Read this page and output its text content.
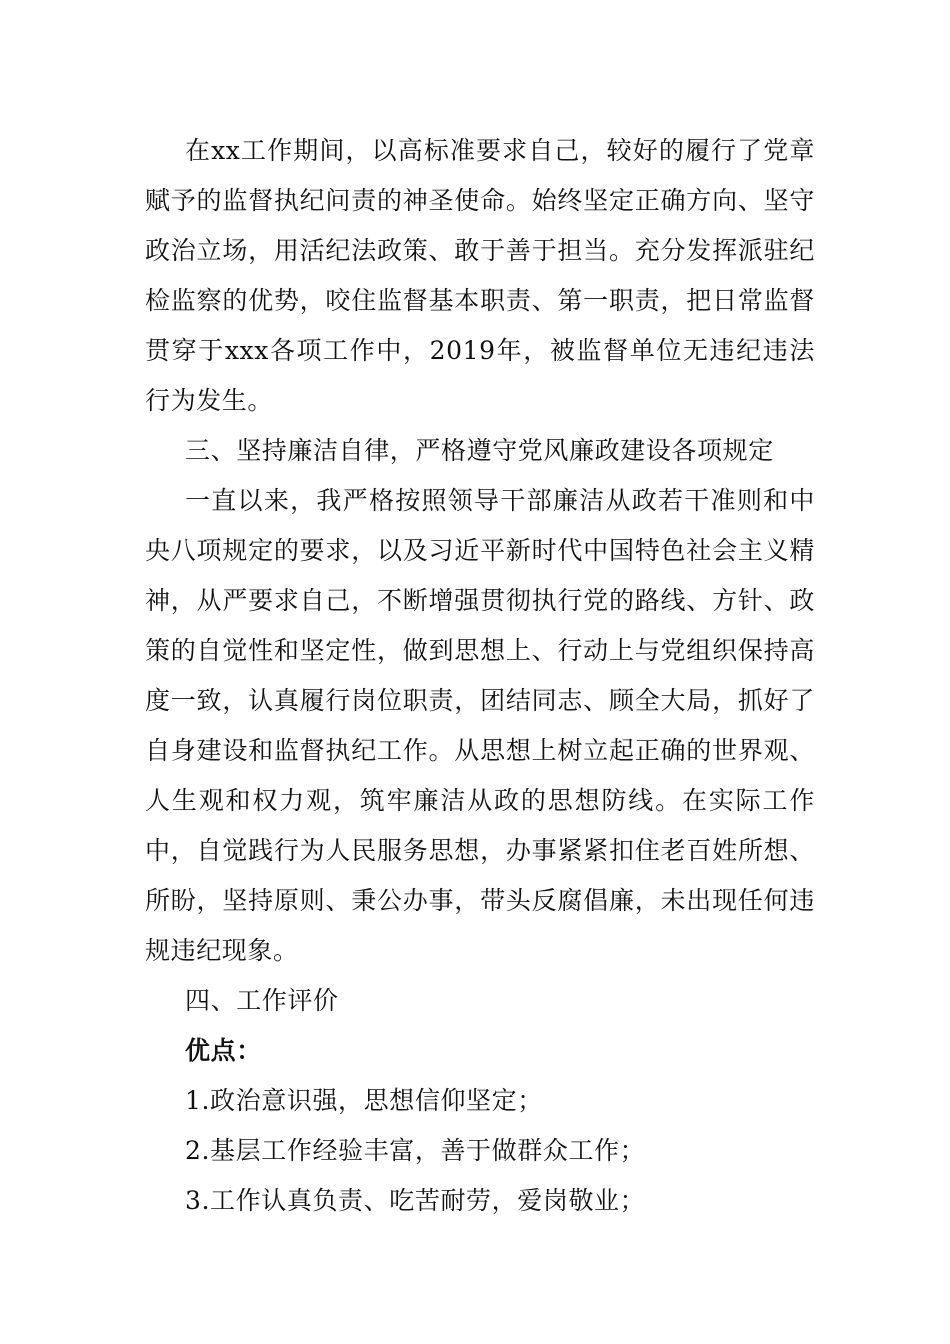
在xx工作期间，以高标准要求自己，较好的履行了党章赋予的监督执纪问责的神圣使命。始终坚定正确方向、坚守政治立场，用活纪法政策、敢于善于担当。充分发挥派驻纪检监察的优势，咬住监督基本职责、第一职责，把日常监督贯穿于xxx各项工作中，2019年，被监督单位无违纪违法行为发生。

三、坚持廉洁自律，严格遵守党风廉政建设各项规定

一直以来，我严格按照领导干部廉洁从政若干准则和中央八项规定的要求，以及习近平新时代中国特色社会主义精神，从严要求自己，不断增强贯彻执行党的路线、方针、政策的自觉性和坚定性，做到思想上、行动上与党组织保持高度一致，认真履行岗位职责，团结同志、顾全大局，抓好了自身建设和监督执纪工作。从思想上树立起正确的世界观、人生观和权力观，筑牢廉洁从政的思想防线。在实际工作中，自觉践行为人民服务思想，办事紧紧扣住老百姓所想、所盼，坚持原则、秉公办事，带头反腐倡廉，未出现任何违规违纪现象。

四、工作评价

优点：

1.政治意识强，思想信仰坚定；

2.基层工作经验丰富，善于做群众工作；

3.工作认真负责、吃苦耐劳，爱岗敬业；
